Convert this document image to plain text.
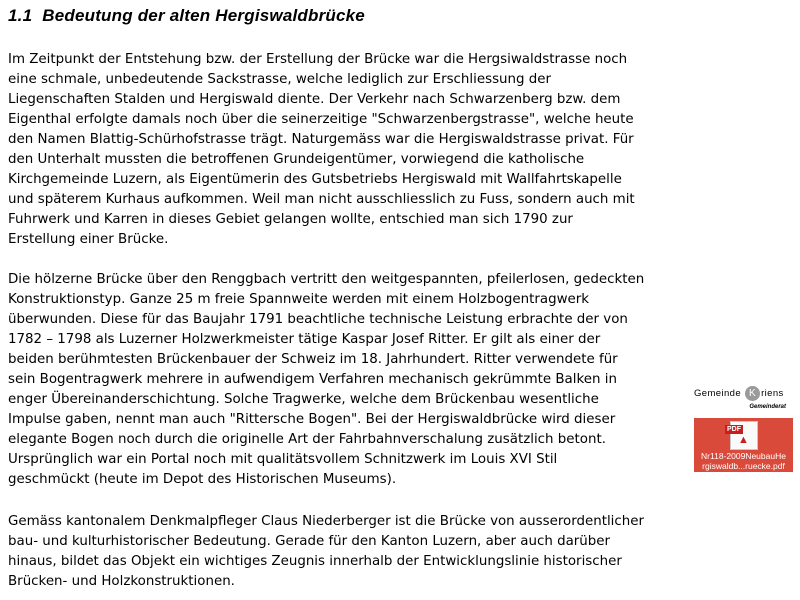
1.1 Bedeutung der alten Hergiswaldbrücke
Im Zeitpunkt der Entstehung bzw. der Erstellung der Brücke war die Hergsiwaldstrasse noch
eine schmale, unbedeutende Sackstrasse, welche lediglich zur Erschliessung der
Liegenschaften Stalden und Hergiswald diente. Der Verkehr nach Schwarzenberg bzw. dem
Eigenthal erfolgte damals noch über die seinerzeitige "Schwarzenbergstrasse", welche heute
den Namen Blattig-Schürhofstrasse trägt. Naturgemäss war die Hergiswaldstrasse privat. Für
den Unterhalt mussten die betroffenen Grundeigentümer, vorwiegend die katholische
Kirchgemeinde Luzern, als Eigentümerin des Gutsbetriebs Hergiswald mit Wallfahrtskapelle
und späterem Kurhaus aufkommen. Weil man nicht ausschliesslich zu Fuss, sondern auch mit
Fuhrwerk und Karren in dieses Gebiet gelangen wollte, entschied man sich 1790 zur
Erstellung einer Brücke.
Die hölzerne Brücke über den Renggbach vertritt den weitgespannten, pfeilerlosen, gedeckten
Konstruktionstyp. Ganze 25 m freie Spannweite werden mit einem Holzbogentragwerk
überwunden. Diese für das Baujahr 1791 beachtliche technische Leistung erbrachte der von
1782 – 1798 als Luzerner Holzwerkmeister tätige Kaspar Josef Ritter. Er gilt als einer der
beiden berühmtesten Brückenbauer der Schweiz im 18. Jahrhundert. Ritter verwendete für
sein Bogentragwerk mehrere in aufwendigem Verfahren mechanisch gekrümmte Balken in
enger Übereinanderschichtung. Solche Tragwerke, welche dem Brückenbau wesentliche
Impulse gaben, nennt man auch "Rittersche Bogen". Bei der Hergiswaldbrücke wird dieser
elegante Bogen noch durch die originelle Art der Fahrbahnverschalung zusätzlich betont.
Ursprünglich war ein Portal noch mit qualitätsvollem Schnitzwerk im Louis XVI Stil
geschmückt (heute im Depot des Historischen Museums).
Gemäss kantonalem Denkmalpfleger Claus Niederberger ist die Brücke von ausserordentlicher
bau- und kulturhistorischer Bedeutung. Gerade für den Kanton Luzern, aber auch darüber
hinaus, bildet das Objekt ein wichtiges Zeugnis innerhalb der Entwicklungslinie historischer
Brücken- und Holzkonstruktionen.
Gemeinde K riens
Gemeinderat
PDF
▲
Nr118-2009NeubauHe
rgiswaldb...ruecke.pdf
